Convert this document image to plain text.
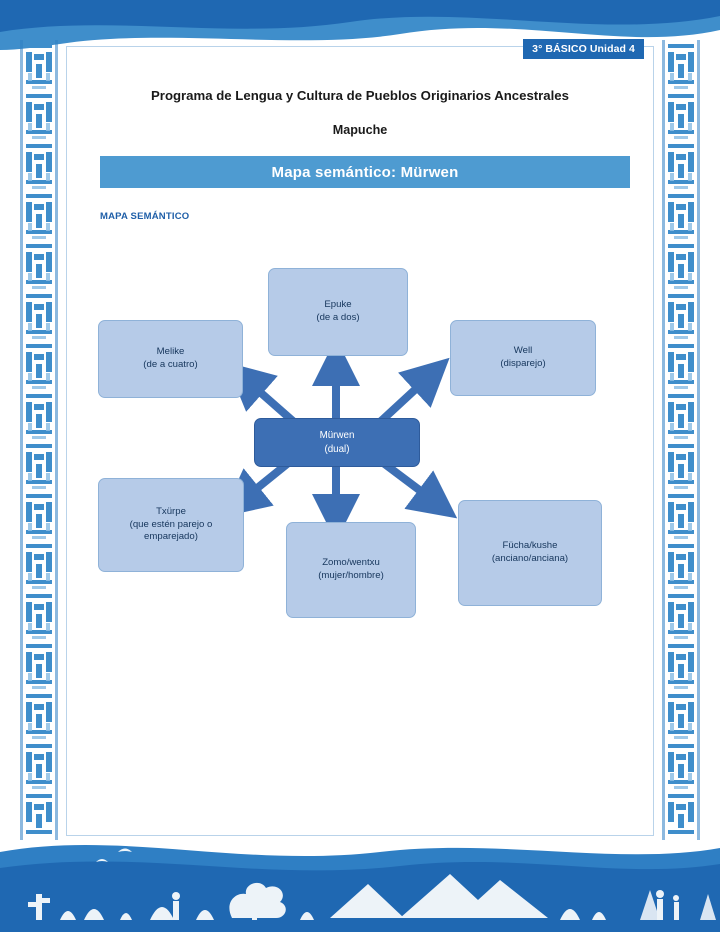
3° BÁSICO Unidad 4
Programa de Lengua y Cultura de Pueblos Originarios Ancestrales
Mapuche
Mapa semántico: Mürwen
MAPA SEMÁNTICO
Epuke
(de a dos)
Melike
(de a cuatro)
Well
(disparejo)
Mürwen
(dual)
Txürpe
(que estén parejo o
emparejado)
Zomo/wentxu
(mujer/hombre)
Fücha/kushe
(anciano/anciana)
